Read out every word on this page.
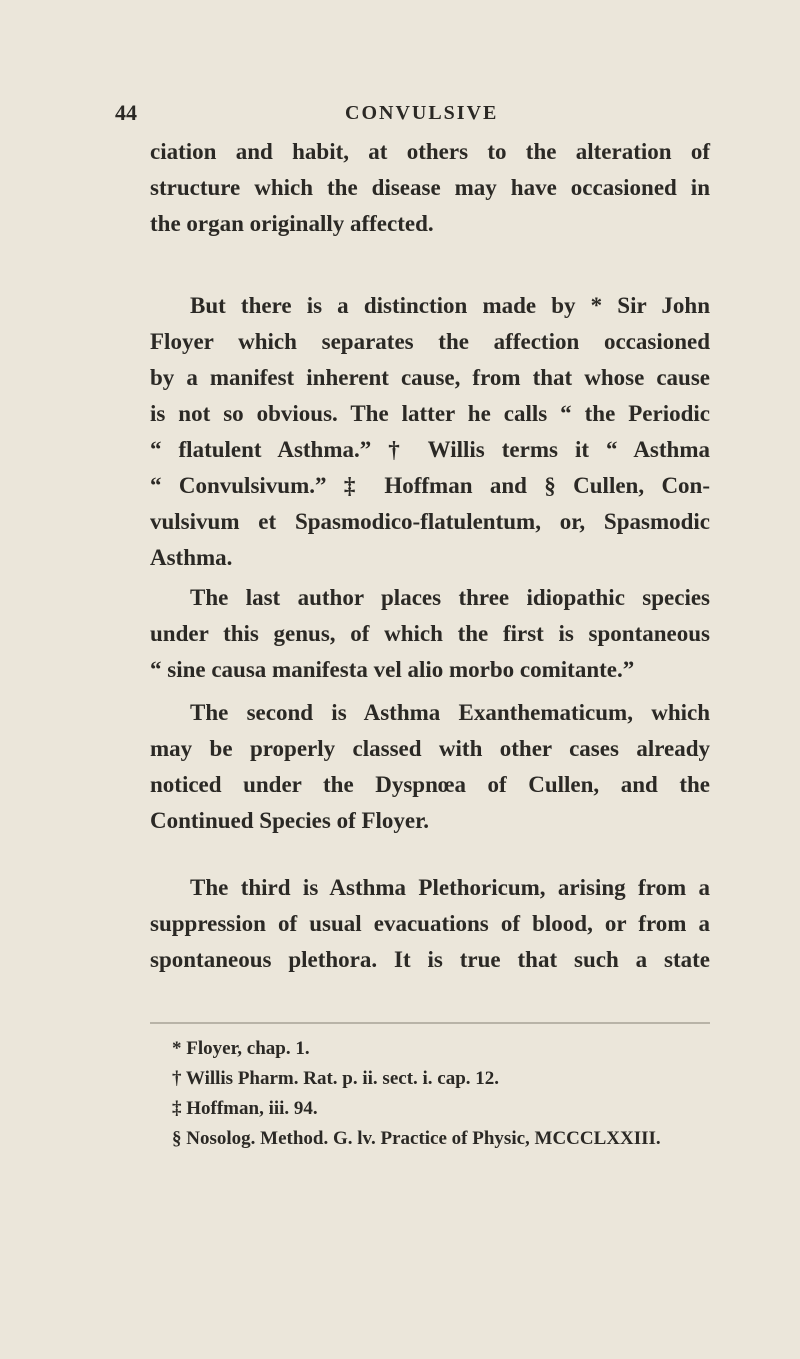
44	CONVULSIVE

ciation and habit, at others to the alteration of
structure which the disease may have occasioned in
the organ originally affected.

But there is a distinction made by * Sir John
Floyer which separates the affection occasioned
by a manifest inherent cause, from that whose cause
is not so obvious. The latter he calls “ the Periodic
“ flatulent Asthma.” † Willis terms it “ Asthma
“ Convulsivum.” ‡ Hoffman and § Cullen, Con-
vulsivum et Spasmodico-flatulentum, or, Spasmodic
Asthma.

The last author places three idiopathic species
under this genus, of which the first is spontaneous
“ sine causa manifesta vel alio morbo comitante.”

The second is Asthma Exanthematicum, which
may be properly classed with other cases already
noticed under the Dyspnœa of Cullen, and the
Continued Species of Floyer.

The third is Asthma Plethoricum, arising from a
suppression of usual evacuations of blood, or from a
spontaneous plethora. It is true that such a state

* Floyer, chap. 1.
† Willis Pharm. Rat. p. ii. sect. i. cap. 12.
‡ Hoffman, iii. 94.
§ Nosolog. Method. G. lv. Practice of Physic, MCCCLXXIII.
